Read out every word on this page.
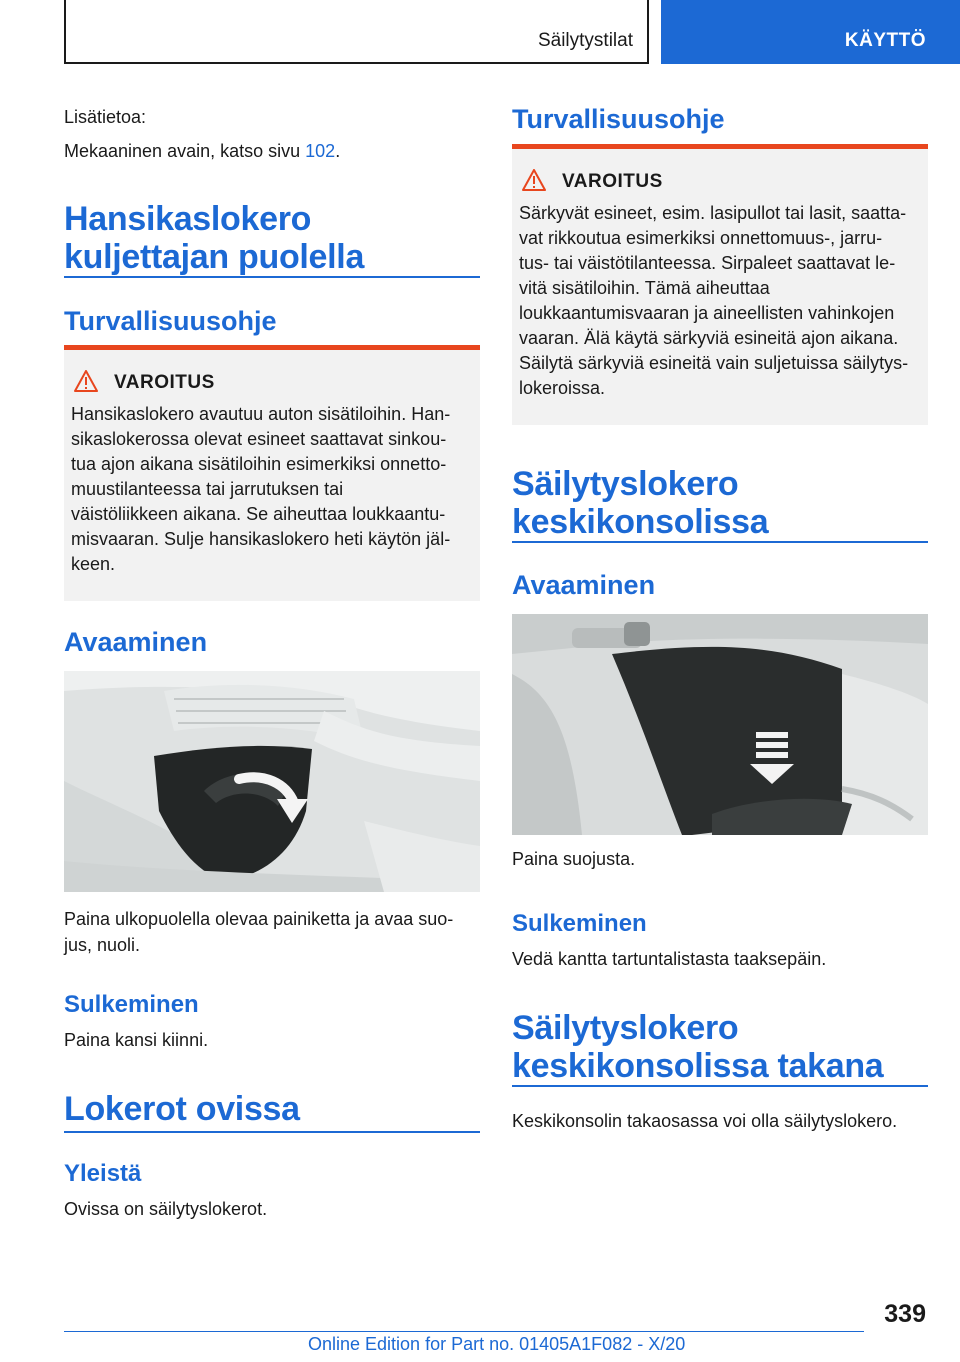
Säilytystilat	KÄYTTÖ
Lisätietoa:
Mekaaninen avain, katso sivu 102.
Hansikaslokero kuljettajan puolella
Turvallisuusohje
VAROITUS
Hansikaslokero avautuu auton sisätiloihin. Han-
sikaslokerossa olevat esineet saattavat sinkou-
tua ajon aikana sisätiloihin esimerkiksi onnetto-
muustilanteessa tai jarrutuksen tai
väistöliikkeen aikana. Se aiheuttaa loukkaantu-
misvaaran. Sulje hansikaslokero heti käytön jäl-
keen.
Avaaminen
Paina ulkopuolella olevaa painiketta ja avaa suo-
jus, nuoli.
Sulkeminen
Paina kansi kiinni.
Lokerot ovissa
Yleistä
Ovissa on säilytyslokerot.
Turvallisuusohje
VAROITUS
Särkyvät esineet, esim. lasipullot tai lasit, saatta-
vat rikkoutua esimerkiksi onnettomuus-, jarru-
tus- tai väistötilanteessa. Sirpaleet saattavat le-
vitä sisätiloihin. Tämä aiheuttaa
loukkaantumisvaaran ja aineellisten vahinkojen
vaaran. Älä käytä särkyviä esineitä ajon aikana.
Säilytä särkyviä esineitä vain suljetuissa säilytys-
lokeroissa.
Säilytyslokero
keskikonsolissa
Avaaminen
Paina suojusta.
Sulkeminen
Vedä kantta tartuntalistasta taaksepäin.
Säilytyslokero
keskikonsolissa takana
Keskikonsolin takaosassa voi olla säilytyslokero.
339
Online Edition for Part no. 01405A1F082 - X/20
